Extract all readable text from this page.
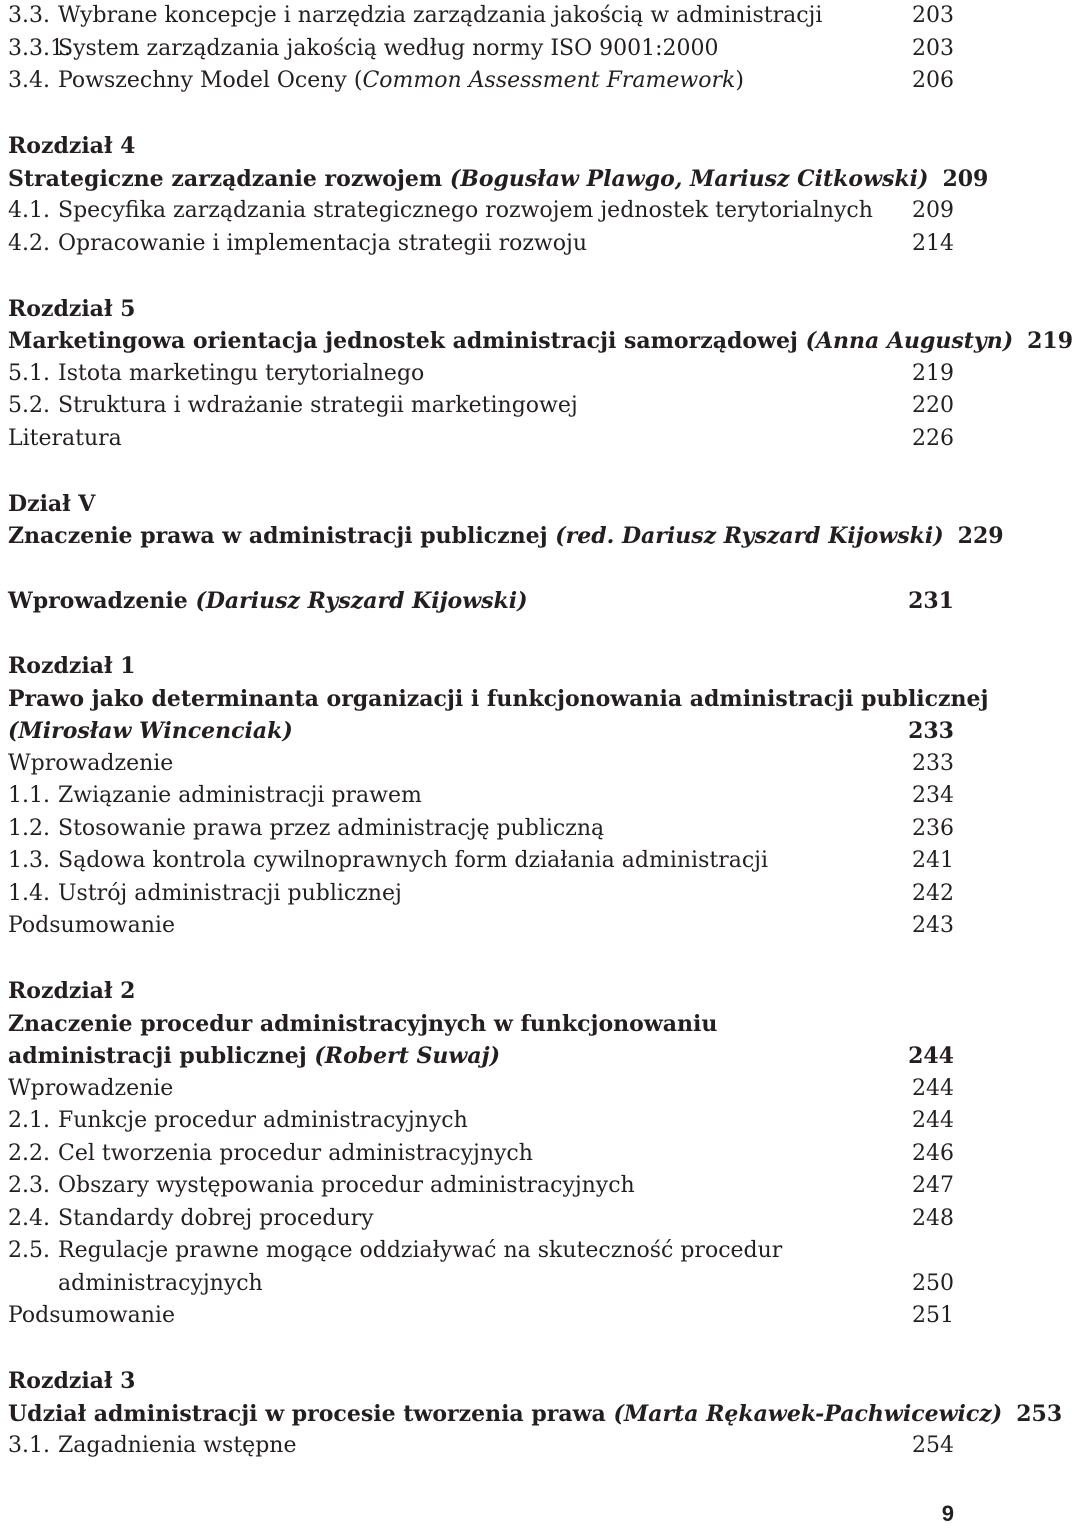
3.3. Wybrane koncepcje i narzędzia zarządzania jakością w administracji	203
3.3.1.
System zarządzania jakością według normy ISO 9001:2000	203
3.4. Powszechny Model Oceny (Common Assessment Framework)	206
Rozdział 4
Strategiczne zarządzanie rozwojem (Bogusław Plawgo, Mariusz Citkowski) 209
4.1. Specyfika zarządzania strategicznego rozwojem jednostek terytorialnych 209
4.2. Opracowanie i implementacja strategii rozwoju	214
Rozdział 5
Marketingowa orientacja jednostek administracji samorządowej (Anna Augustyn) 219
5.1. Istota marketingu terytorialnego	219
5.2. Struktura i wdrażanie strategii marketingowej	220
Literatura	226
Dział V
Znaczenie prawa w administracji publicznej (red. Dariusz Ryszard Kijowski) 229
Wprowadzenie (Dariusz Ryszard Kijowski)	231
Rozdział 1
Prawo jako determinanta organizacji i funkcjonowania administracji publicznej
(Mirosław Wincenciak)	233
Wprowadzenie	233
1.1. Związanie administracji prawem	234
1.2. Stosowanie prawa przez administrację publiczną	236
1.3. Sądowa kontrola cywilnoprawnych form działania administracji	241
1.4. Ustrój administracji publicznej	242
Podsumowanie	243
Rozdział 2
Znaczenie procedur administracyjnych w funkcjonowaniu
administracji publicznej (Robert Suwaj)	244
Wprowadzenie	244
2.1. Funkcje procedur administracyjnych	244
2.2. Cel tworzenia procedur administracyjnych	246
2.3. Obszary występowania procedur administracyjnych	247
2.4. Standardy dobrej procedury	248
2.5. Regulacje prawne mogące oddziaływać na skuteczność procedur
administracyjnych	250
Podsumowanie	251
Rozdział 3
Udział administracji w procesie tworzenia prawa (Marta Rękawek-Pachwicewicz) 253
3.1. Zagadnienia wstępne	254
9
